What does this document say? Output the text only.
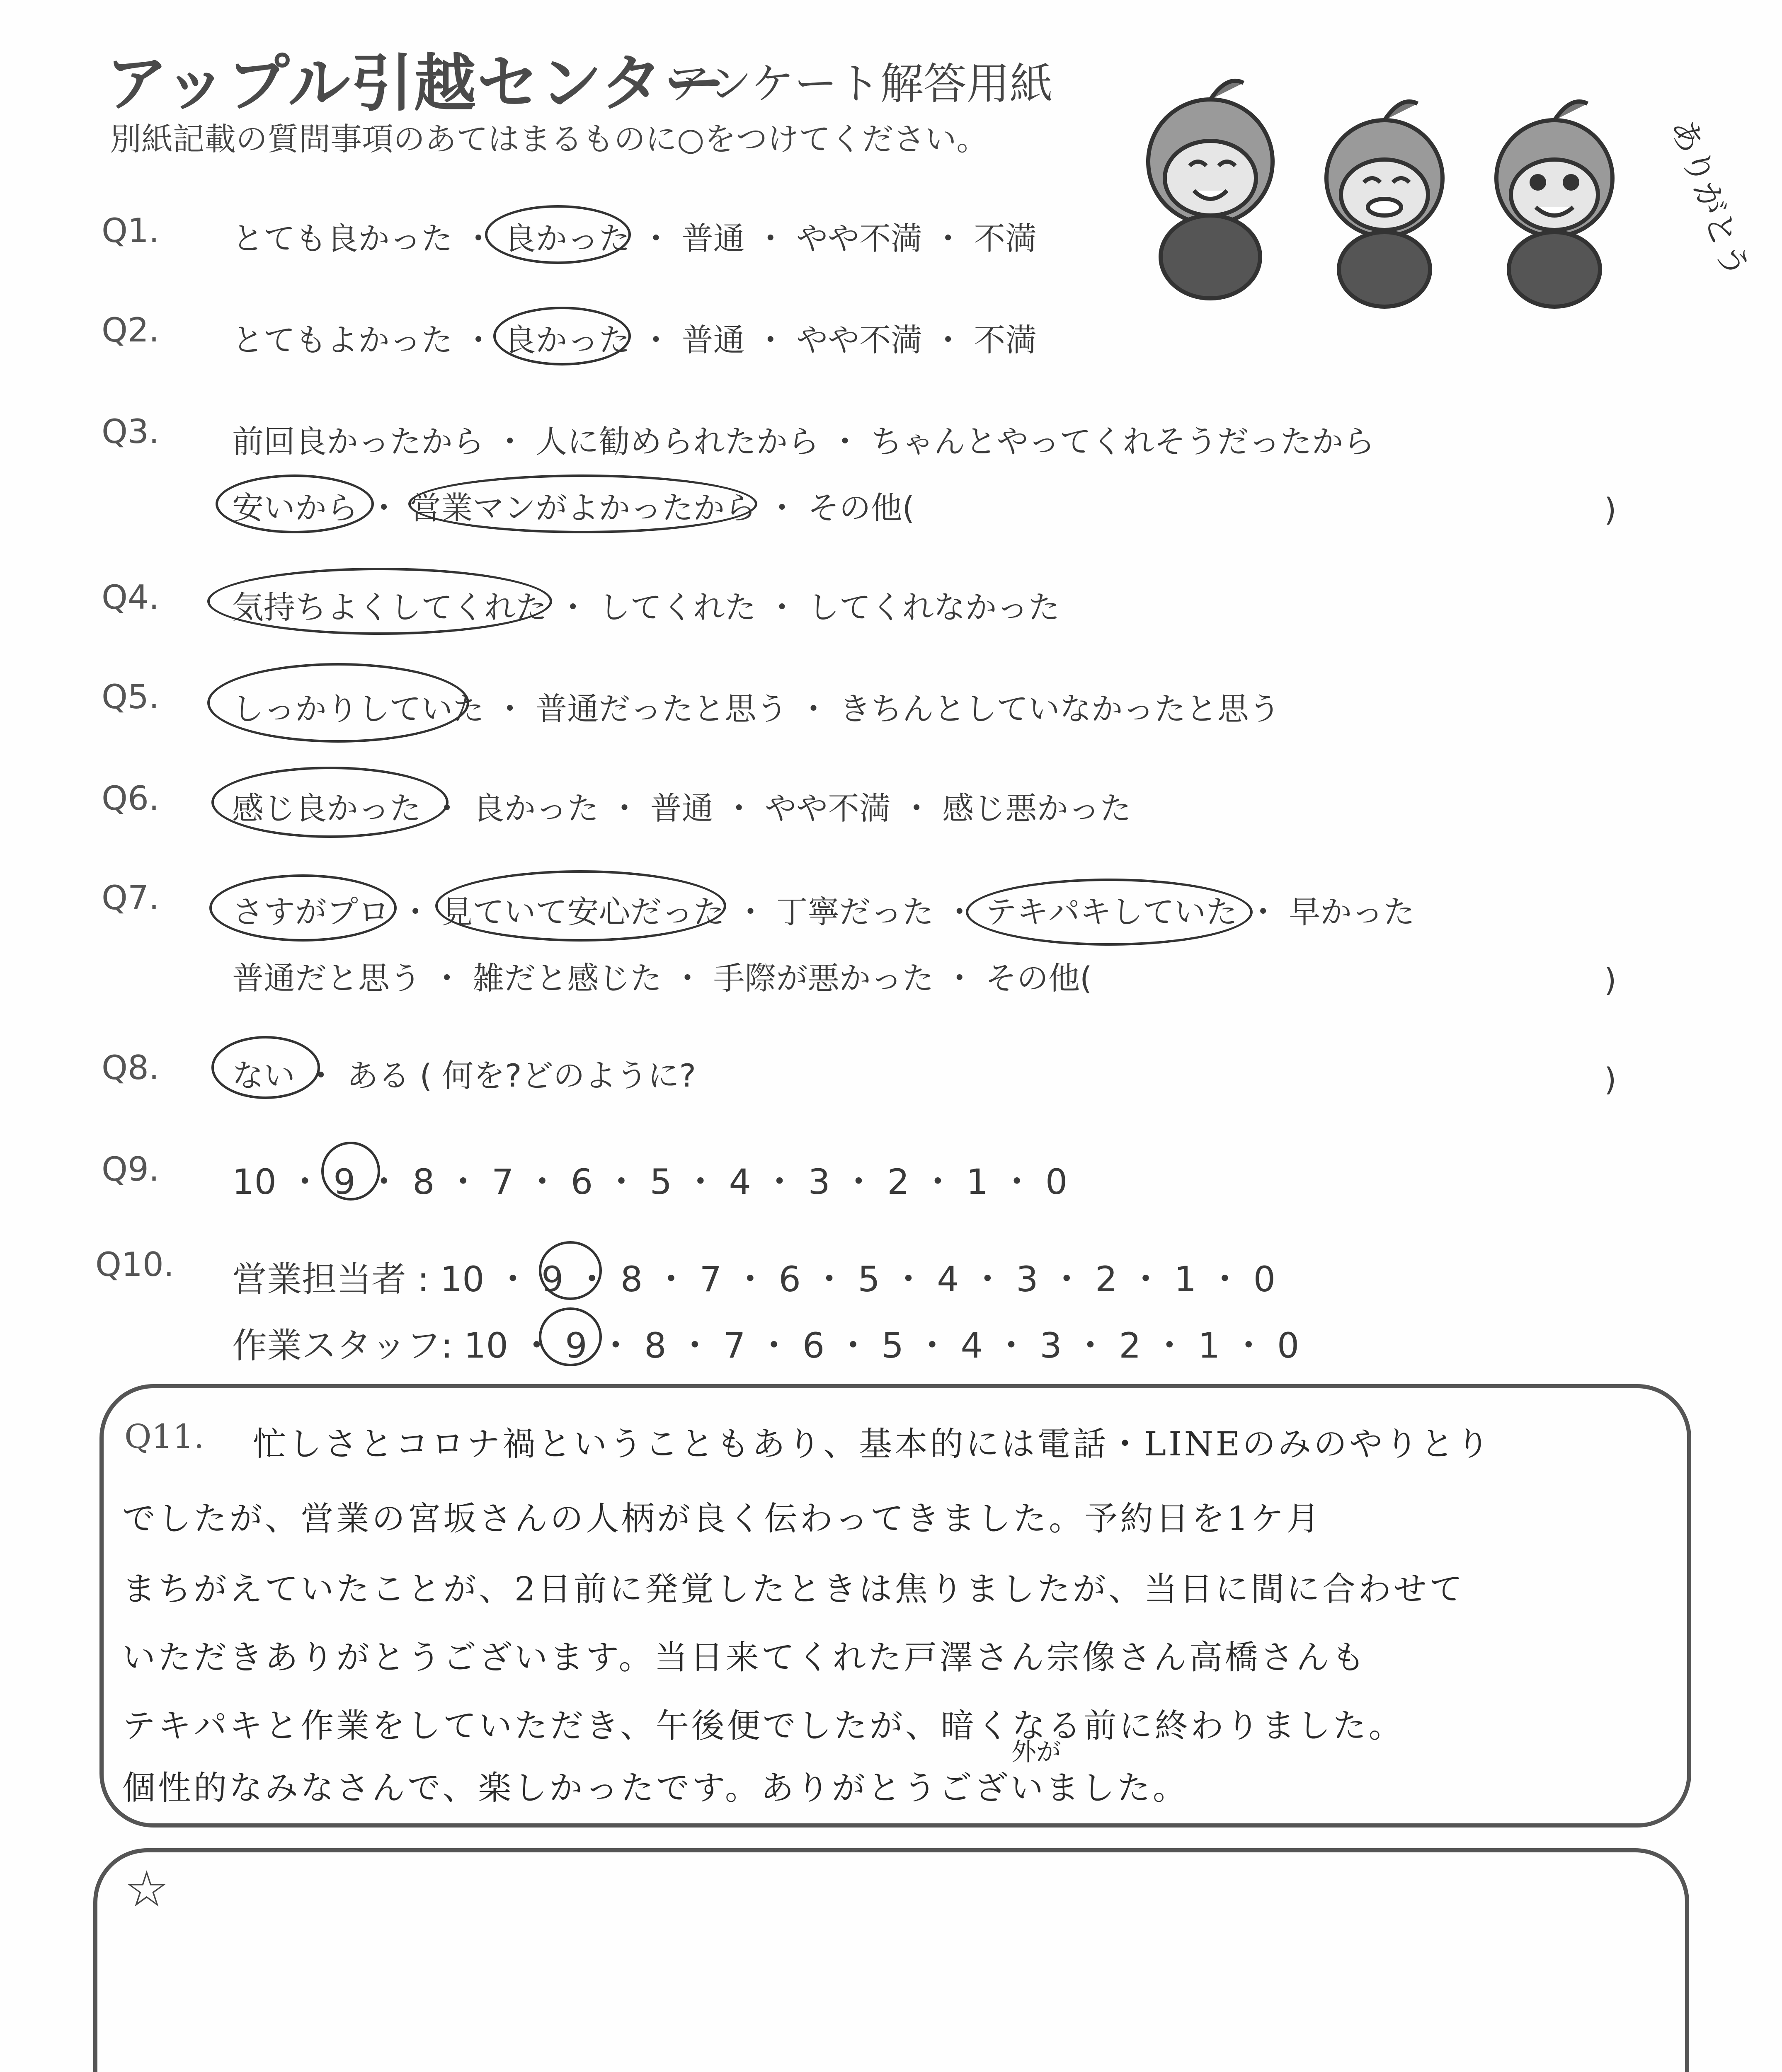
アップル引越センター
アンケート解答用紙
別紙記載の質問事項のあてはまるものに○をつけてください。	ありがとう
Q1. とても良かった ・ 良かった ・ 普通 ・ やや不満 ・ 不満
Q2. とてもよかった ・ 良かった ・ 普通 ・ やや不満 ・ 不満
Q3. 前回良かったから ・ 人に勧められたから ・ ちゃんとやってくれそうだったから
安いから ・ 営業マンがよかったから ・ その他(	)
Q4. 気持ちよくしてくれた ・ してくれた ・ してくれなかった
Q5. しっかりしていた ・ 普通だったと思う ・ きちんとしていなかったと思う
Q6. 感じ良かった ・ 良かった ・ 普通 ・ やや不満 ・ 感じ悪かった
Q7. さすがプロ ・ 見ていて安心だった ・ 丁寧だった ・ テキパキしていた ・ 早かった
普通だと思う ・ 雑だと感じた ・ 手際が悪かった ・ その他(	)
Q8. ない ・ ある ( 何を?どのように?	)
Q9. 10 ・ 9 ・ 8 ・ 7 ・ 6 ・ 5 ・ 4 ・ 3 ・ 2 ・ 1 ・ 0
Q10. 営業担当者 : 10 ・ 9 ・ 8 ・ 7 ・ 6 ・ 5 ・ 4 ・ 3 ・ 2 ・ 1 ・ 0
作業スタッフ: 10 ・ 9 ・ 8 ・ 7 ・ 6 ・ 5 ・ 4 ・ 3 ・ 2 ・ 1 ・ 0
Q11. 忙しさとコロナ禍ということもあり、基本的には電話・LINEのみのやりとり
でしたが、営業の宮坂さんの人柄が良く伝わってきました。予約日を1ケ月
まちがえていたことが、2日前に発覚したときは焦りましたが、当日に間に合わせて
いただきありがとうございます。当日来てくれた戸澤さん宗像さん高橋さんも
テキパキと作業をしていただき、午後便でしたが、暗くなる前に終わりました。
個性的なみなさんで、楽しかったです。ありがとうございました。
外が
☆
